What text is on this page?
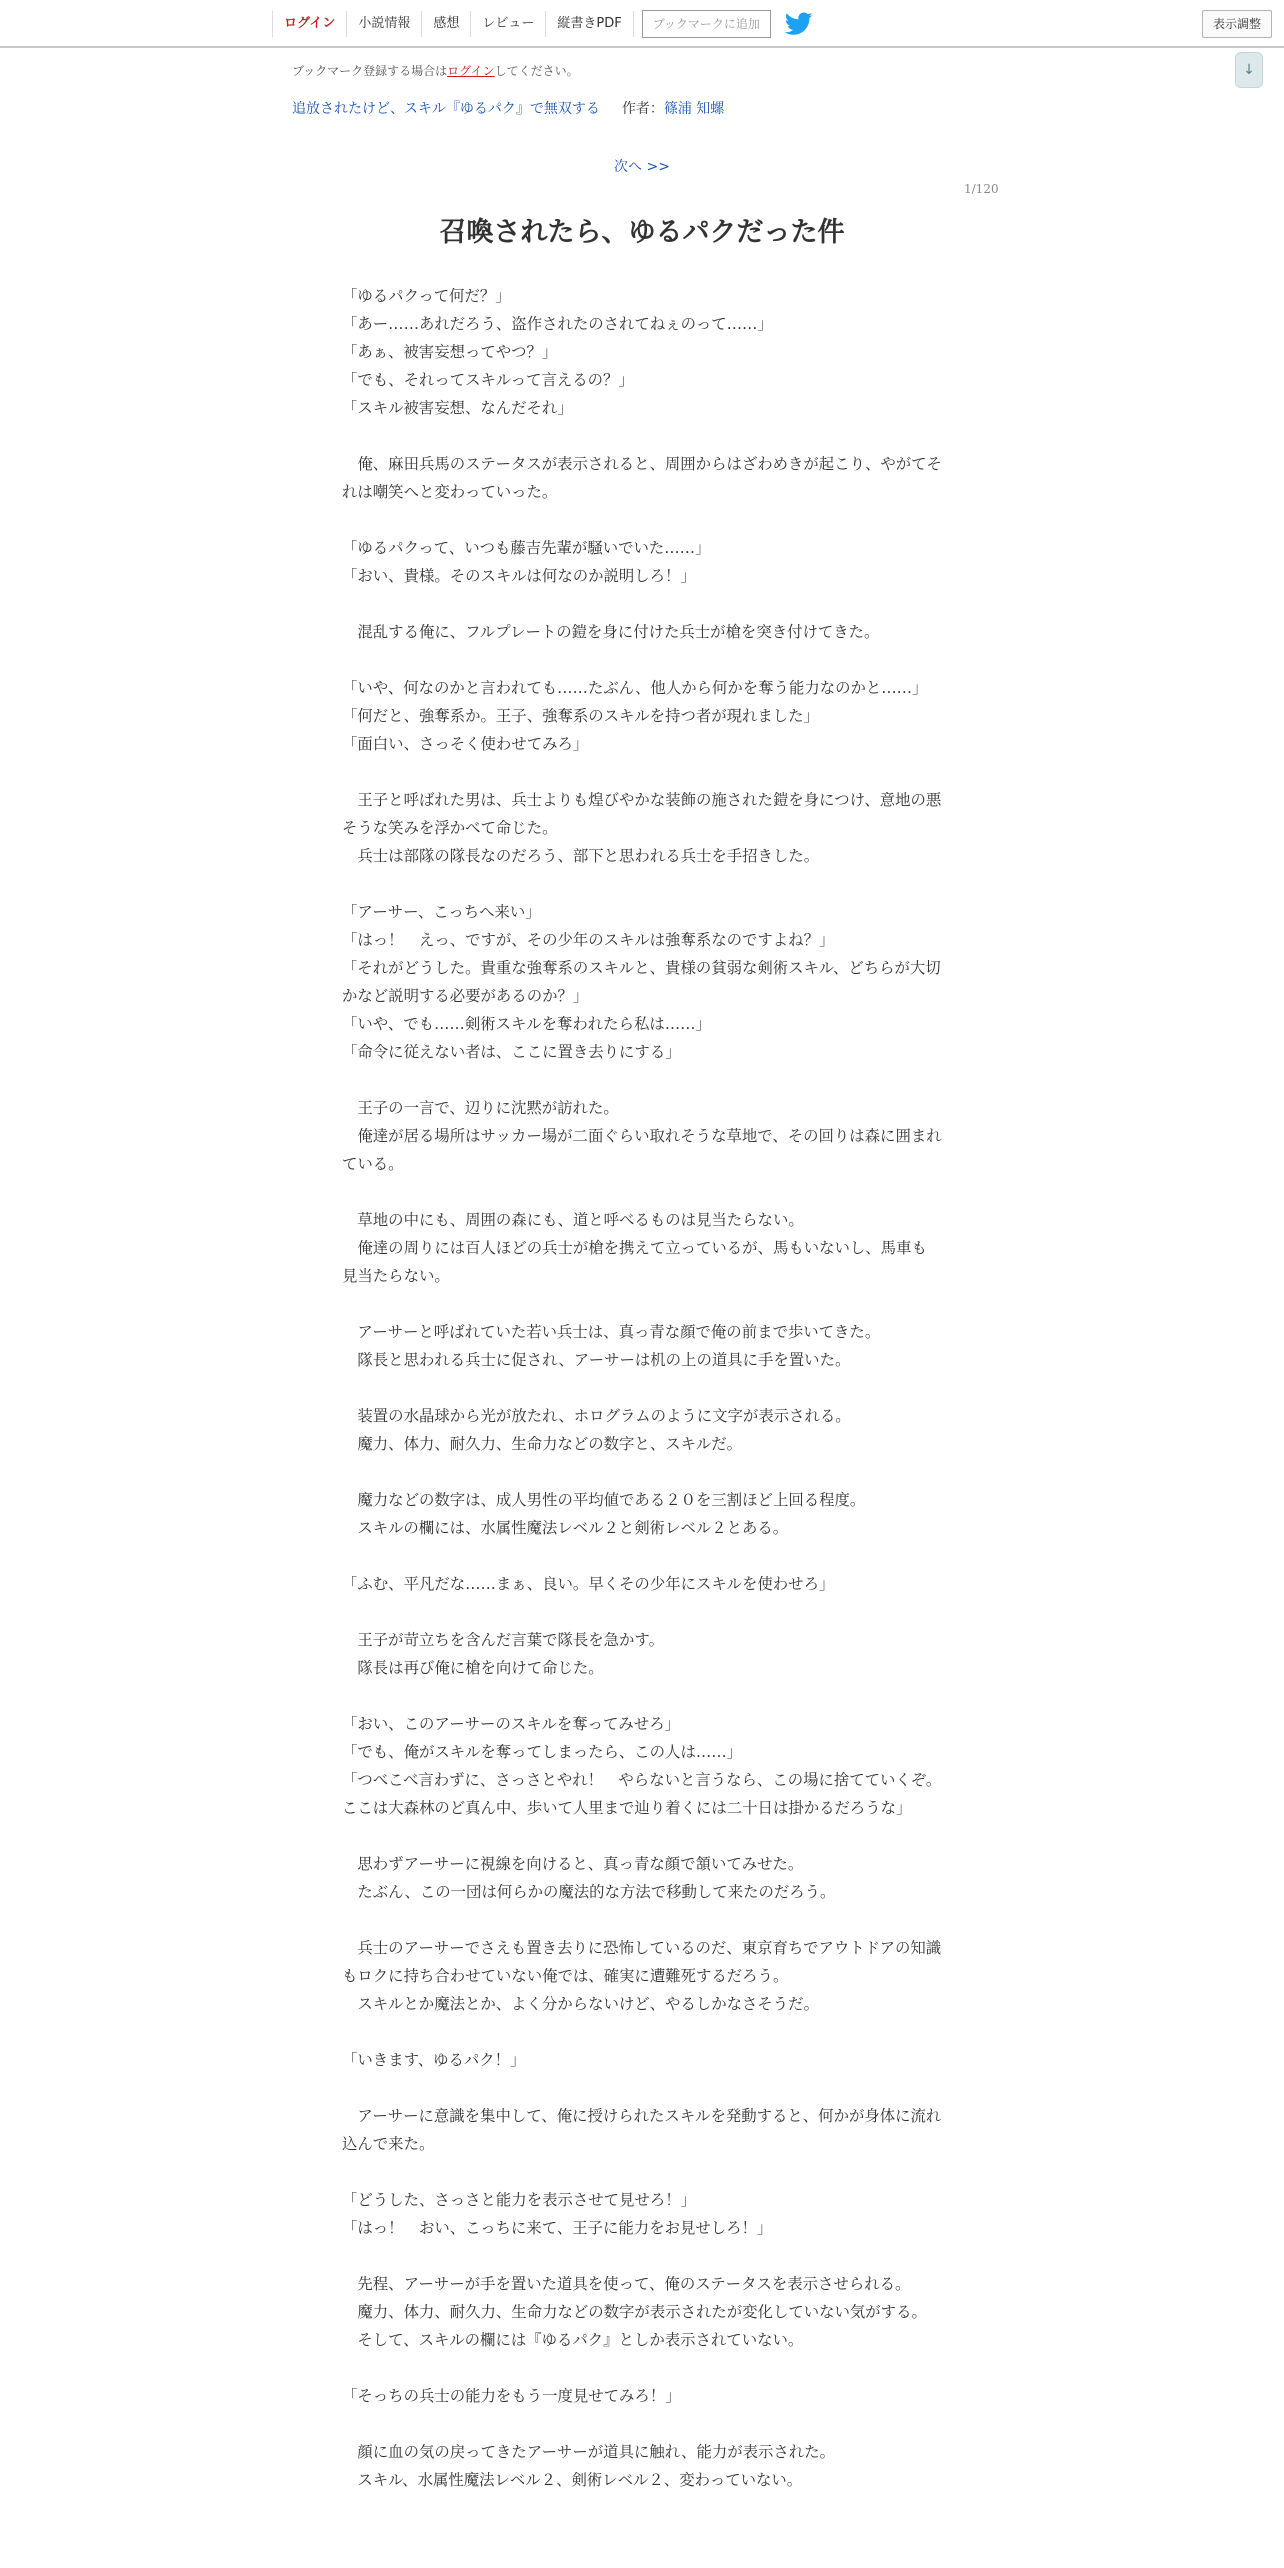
ログイン	小説情報	感想	レビュー	縦書きPDF	ブックマークに追加	表示調整
↓
ブックマーク登録する場合はログインしてください。
追放されたけど、スキル『ゆるパク』で無双する 作者：篠浦 知螺
次へ >>
1/120
召喚されたら、ゆるパクだった件

「ゆるパクって何だ？」

「あー……あれだろう、盗作されたのされてねぇのって……」

「あぁ、被害妄想ってやつ？」

「でも、それってスキルって言えるの？」

「スキル被害妄想、なんだそれ」

　俺、麻田兵馬のステータスが表示されると、周囲からはざわめきが起こり、やがてそれは嘲笑へと変わっていった。

「ゆるパクって、いつも藤吉先輩が騒いでいた……」

「おい、貴様。そのスキルは何なのか説明しろ！」

　混乱する俺に、フルプレートの鎧を身に付けた兵士が槍を突き付けてきた。

「いや、何なのかと言われても……たぶん、他人から何かを奪う能力なのかと……」

「何だと、強奪系か。王子、強奪系のスキルを持つ者が現れました」

「面白い、さっそく使わせてみろ」

　王子と呼ばれた男は、兵士よりも煌びやかな装飾の施された鎧を身につけ、意地の悪そうな笑みを浮かべて命じた。

　兵士は部隊の隊長なのだろう、部下と思われる兵士を手招きした。

「アーサー、こっちへ来い」

「はっ！　えっ、ですが、その少年のスキルは強奪系なのですよね？」

「それがどうした。貴重な強奪系のスキルと、貴様の貧弱な剣術スキル、どちらが大切かなど説明する必要があるのか？」

「いや、でも……剣術スキルを奪われたら私は……」

「命令に従えない者は、ここに置き去りにする」

　王子の一言で、辺りに沈黙が訪れた。

　俺達が居る場所はサッカー場が二面ぐらい取れそうな草地で、その回りは森に囲まれている。

　草地の中にも、周囲の森にも、道と呼べるものは見当たらない。

　俺達の周りには百人ほどの兵士が槍を携えて立っているが、馬もいないし、馬車も見当たらない。

　アーサーと呼ばれていた若い兵士は、真っ青な顔で俺の前まで歩いてきた。

　隊長と思われる兵士に促され、アーサーは机の上の道具に手を置いた。

　装置の水晶球から光が放たれ、ホログラムのように文字が表示される。

　魔力、体力、耐久力、生命力などの数字と、スキルだ。

　魔力などの数字は、成人男性の平均値である２０を三割ほど上回る程度。

　スキルの欄には、水属性魔法レベル２と剣術レベル２とある。

「ふむ、平凡だな……まぁ、良い。早くその少年にスキルを使わせろ」

　王子が苛立ちを含んだ言葉で隊長を急かす。

　隊長は再び俺に槍を向けて命じた。

「おい、このアーサーのスキルを奪ってみせろ」

「でも、俺がスキルを奪ってしまったら、この人は……」

「つべこべ言わずに、さっさとやれ！　やらないと言うなら、この場に捨てていくぞ。ここは大森林のど真ん中、歩いて人里まで辿り着くには二十日は掛かるだろうな」

　思わずアーサーに視線を向けると、真っ青な顔で頷いてみせた。

　たぶん、この一団は何らかの魔法的な方法で移動して来たのだろう。

　兵士のアーサーでさえも置き去りに恐怖しているのだ、東京育ちでアウトドアの知識もロクに持ち合わせていない俺では、確実に遭難死するだろう。

　スキルとか魔法とか、よく分からないけど、やるしかなさそうだ。

「いきます、ゆるパク！」

　アーサーに意識を集中して、俺に授けられたスキルを発動すると、何かが身体に流れ込んで来た。

「どうした、さっさと能力を表示させて見せろ！」

「はっ！　おい、こっちに来て、王子に能力をお見せしろ！」

　先程、アーサーが手を置いた道具を使って、俺のステータスを表示させられる。

　魔力、体力、耐久力、生命力などの数字が表示されたが変化していない気がする。

　そして、スキルの欄には『ゆるパク』としか表示されていない。

「そっちの兵士の能力をもう一度見せてみろ！」

　顔に血の気の戻ってきたアーサーが道具に触れ、能力が表示された。

　スキル、水属性魔法レベル２、剣術レベル２、変わっていない。
